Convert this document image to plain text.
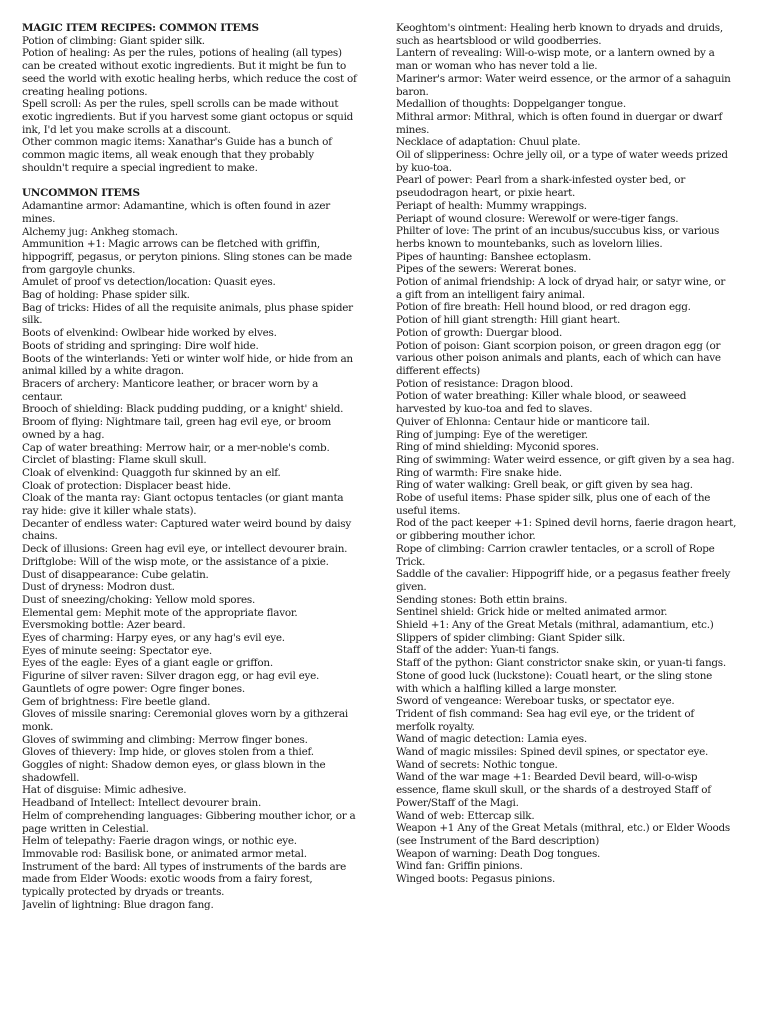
MAGIC ITEM RECIPES: COMMON ITEMS
Potion of climbing: Giant spider silk.
Potion of healing: As per the rules, potions of healing (all types)
can be created without exotic ingredients. But it might be fun to
seed the world with exotic healing herbs, which reduce the cost of
creating healing potions.
Spell scroll: As per the rules, spell scrolls can be made without
exotic ingredients. But if you harvest some giant octopus or squid
ink, I'd let you make scrolls at a discount.
Other common magic items: Xanathar's Guide has a bunch of
common magic items, all weak enough that they probably
shouldn't require a special ingredient to make.
UNCOMMON ITEMS
Adamantine armor: Adamantine, which is often found in azer
mines.
Alchemy jug: Ankheg stomach.
Ammunition +1: Magic arrows can be fletched with griffin,
hippogriff, pegasus, or peryton pinions. Sling stones can be made
from gargoyle chunks.
Amulet of proof vs detection/location: Quasit eyes.
Bag of holding: Phase spider silk.
Bag of tricks: Hides of all the requisite animals, plus phase spider
silk.
Boots of elvenkind: Owlbear hide worked by elves.
Boots of striding and springing: Dire wolf hide.
Boots of the winterlands: Yeti or winter wolf hide, or hide from an
animal killed by a white dragon.
Bracers of archery: Manticore leather, or bracer worn by a
centaur.
Brooch of shielding: Black pudding pudding, or a knight' shield.
Broom of flying: Nightmare tail, green hag evil eye, or broom
owned by a hag.
Cap of water breathing: Merrow hair, or a mer-noble's comb.
Circlet of blasting: Flame skull skull.
Cloak of elvenkind: Quaggoth fur skinned by an elf.
Cloak of protection: Displacer beast hide.
Cloak of the manta ray: Giant octopus tentacles (or giant manta
ray hide: give it killer whale stats).
Decanter of endless water: Captured water weird bound by daisy
chains.
Deck of illusions: Green hag evil eye, or intellect devourer brain.
Driftglobe: Will of the wisp mote, or the assistance of a pixie.
Dust of disappearance: Cube gelatin.
Dust of dryness: Modron dust.
Dust of sneezing/choking: Yellow mold spores.
Elemental gem: Mephit mote of the appropriate flavor.
Eversmoking bottle: Azer beard.
Eyes of charming: Harpy eyes, or any hag's evil eye.
Eyes of minute seeing: Spectator eye.
Eyes of the eagle: Eyes of a giant eagle or griffon.
Figurine of silver raven: Silver dragon egg, or hag evil eye.
Gauntlets of ogre power: Ogre finger bones.
Gem of brightness: Fire beetle gland.
Gloves of missile snaring: Ceremonial gloves worn by a githzerai
monk.
Gloves of swimming and climbing: Merrow finger bones.
Gloves of thievery: Imp hide, or gloves stolen from a thief.
Goggles of night: Shadow demon eyes, or glass blown in the
shadowfell.
Hat of disguise: Mimic adhesive.
Headband of Intellect: Intellect devourer brain.
Helm of comprehending languages: Gibbering mouther ichor, or a
page written in Celestial.
Helm of telepathy: Faerie dragon wings, or nothic eye.
Immovable rod: Basilisk bone, or animated armor metal.
Instrument of the bard: All types of instruments of the bards are
made from Elder Woods: exotic woods from a fairy forest,
typically protected by dryads or treants.
Javelin of lightning: Blue dragon fang.
Keoghtom's ointment: Healing herb known to dryads and druids,
such as heartsblood or wild goodberries.
Lantern of revealing: Will-o-wisp mote, or a lantern owned by a
man or woman who has never told a lie.
Mariner's armor: Water weird essence, or the armor of a sahaguin
baron.
Medallion of thoughts: Doppelganger tongue.
Mithral armor: Mithral, which is often found in duergar or dwarf
mines.
Necklace of adaptation: Chuul plate.
Oil of slipperiness: Ochre jelly oil, or a type of water weeds prized
by kuo-toa.
Pearl of power: Pearl from a shark-infested oyster bed, or
pseudodragon heart, or pixie heart.
Periapt of health: Mummy wrappings.
Periapt of wound closure: Werewolf or were-tiger fangs.
Philter of love: The print of an incubus/succubus kiss, or various
herbs known to mountebanks, such as lovelorn lilies.
Pipes of haunting: Banshee ectoplasm.
Pipes of the sewers: Wererat bones.
Potion of animal friendship: A lock of dryad hair, or satyr wine, or
a gift from an intelligent fairy animal.
Potion of fire breath: Hell hound blood, or red dragon egg.
Potion of hill giant strength: Hill giant heart.
Potion of growth: Duergar blood.
Potion of poison: Giant scorpion poison, or green dragon egg (or
various other poison animals and plants, each of which can have
different effects)
Potion of resistance: Dragon blood.
Potion of water breathing: Killer whale blood, or seaweed
harvested by kuo-toa and fed to slaves.
Quiver of Ehlonna: Centaur hide or manticore tail.
Ring of jumping: Eye of the weretiger.
Ring of mind shielding: Myconid spores.
Ring of swimming: Water weird essence, or gift given by a sea hag.
Ring of warmth: Fire snake hide.
Ring of water walking: Grell beak, or gift given by sea hag.
Robe of useful items: Phase spider silk, plus one of each of the
useful items.
Rod of the pact keeper +1: Spined devil horns, faerie dragon heart,
or gibbering mouther ichor.
Rope of climbing: Carrion crawler tentacles, or a scroll of Rope
Trick.
Saddle of the cavalier: Hippogriff hide, or a pegasus feather freely
given.
Sending stones: Both ettin brains.
Sentinel shield: Grick hide or melted animated armor.
Shield +1: Any of the Great Metals (mithral, adamantium, etc.)
Slippers of spider climbing: Giant Spider silk.
Staff of the adder: Yuan-ti fangs.
Staff of the python: Giant constrictor snake skin, or yuan-ti fangs.
Stone of good luck (luckstone): Couatl heart, or the sling stone
with which a halfling killed a large monster.
Sword of vengeance: Wereboar tusks, or spectator eye.
Trident of fish command: Sea hag evil eye, or the trident of
merfolk royalty.
Wand of magic detection: Lamia eyes.
Wand of magic missiles: Spined devil spines, or spectator eye.
Wand of secrets: Nothic tongue.
Wand of the war mage +1: Bearded Devil beard, will-o-wisp
essence, flame skull skull, or the shards of a destroyed Staff of
Power/Staff of the Magi.
Wand of web: Ettercap silk.
Weapon +1 Any of the Great Metals (mithral, etc.) or Elder Woods
(see Instrument of the Bard description)
Weapon of warning: Death Dog tongues.
Wind fan: Griffin pinions.
Winged boots: Pegasus pinions.
